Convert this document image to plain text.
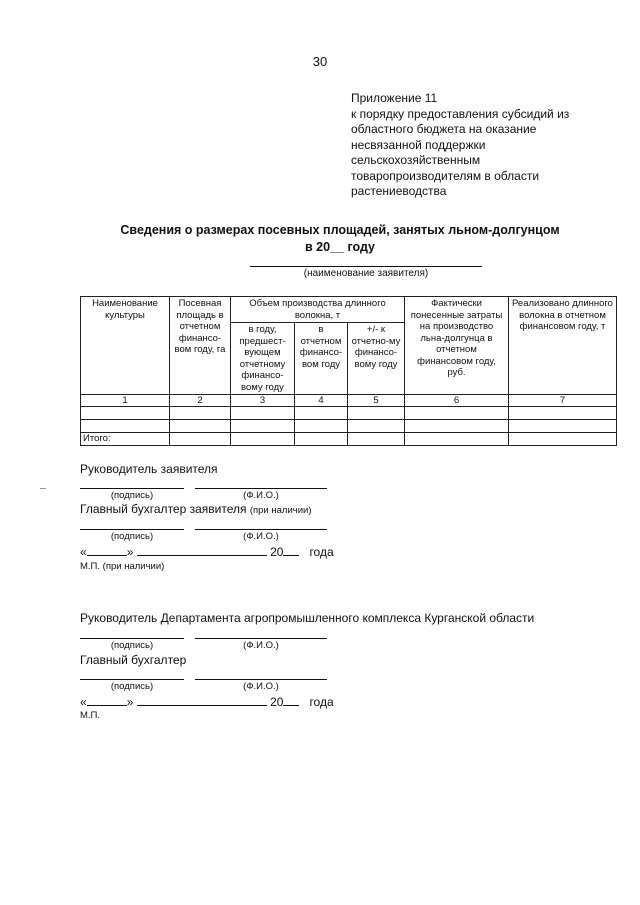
30
Приложение 11
к порядку предоставления субсидий из
областного бюджета на оказание
несвязанной поддержки
сельскохозяйственным
товаропроизводителям в области
растениеводства
Сведения о размерах посевных площадей, занятых льном-долгунцом
в 20__ году
(наименование заявителя)
Наименование культуры	Посевная площадь в отчетном финансо-вом году, га	Объем производства длинного волокна, т			Фактически понесенные затраты на производство льна-долгунца в отчетном финансовом году, руб.	Реализовано длинного волокна в отчетном финансовом году, т
		в году, предшест-вующем отчетному финансо-вому году	в отчетном финансо-вом году	+/- к отчетно-му финансо-вому году		
1	2	3	4	5	6	7

Итого:						
Руководитель заявителя
(подпись)	(Ф.И.О.)
Главный бухгалтер заявителя (при наличии)
(подпись)	(Ф.И.О.)
«	»	20 года
М.П. (при наличии)
Руководитель Департамента агропромышленного комплекса Курганской области
(подпись)	(Ф.И.О.)
Главный бухгалтер
(подпись)	(Ф.И.О.)
«	»	20 года
М.П.
